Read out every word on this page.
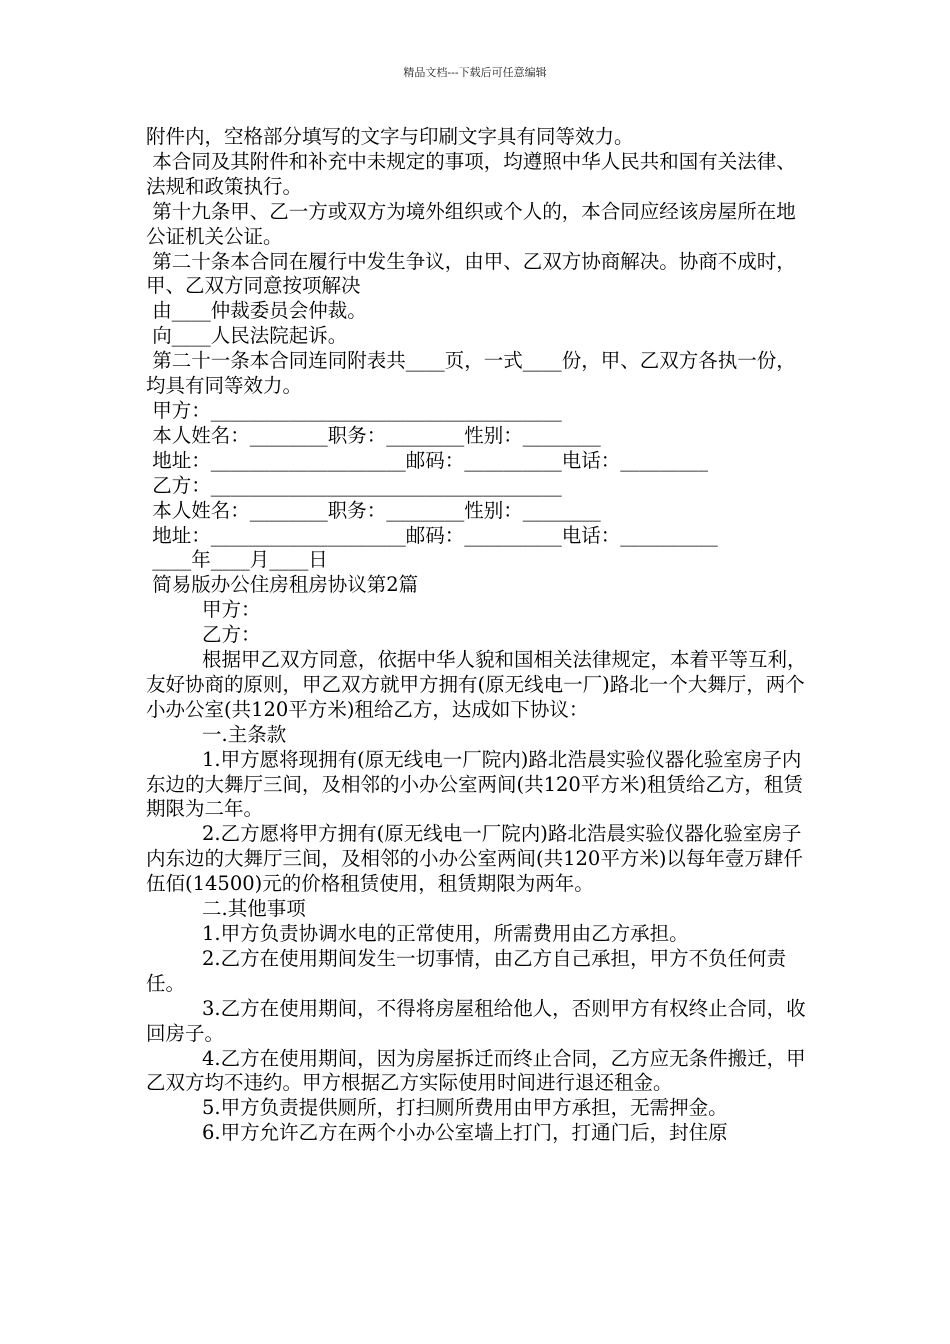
精品文档---下载后可任意编辑

附件内，空格部分填写的文字与印刷文字具有同等效力。

本合同及其附件和补充中未规定的事项，均遵照中华人民共和国有关法律、法规和政策执行。

第十九条甲、乙一方或双方为境外组织或个人的，本合同应经该房屋所在地公证机关公证。

第二十条本合同在履行中发生争议，由甲、乙双方协商解决。协商不成时，甲、乙双方同意按项解决

由____仲裁委员会仲裁。

向____人民法院起诉。

第二十一条本合同连同附表共____页，一式____份，甲、乙双方各执一份，均具有同等效力。

甲方：____________________________________

本人姓名：________职务：________性别：________

地址：____________________邮码：__________电话：_________

乙方：____________________________________

本人姓名：________职务：________性别：________

地址：____________________邮码：__________电话：__________

____年____月____日

简易版办公住房租房协议第2篇

甲方：

乙方：

根据甲乙双方同意，依据中华人貌和国相关法律规定，本着平等互利，友好协商的原则，甲乙双方就甲方拥有(原无线电一厂)路北一个大舞厅，两个小办公室(共120平方米)租给乙方，达成如下协议：

一.主条款

1.甲方愿将现拥有(原无线电一厂院内)路北浩晨实验仪器化验室房子内东边的大舞厅三间，及相邻的小办公室两间(共120平方米)租赁给乙方，租赁期限为二年。

2.乙方愿将甲方拥有(原无线电一厂院内)路北浩晨实验仪器化验室房子内东边的大舞厅三间，及相邻的小办公室两间(共120平方米)以每年壹万肆仟伍佰(14500)元的价格租赁使用，租赁期限为两年。

二.其他事项

1.甲方负责协调水电的正常使用，所需费用由乙方承担。

2.乙方在使用期间发生一切事情，由乙方自己承担，甲方不负任何责任。

3.乙方在使用期间，不得将房屋租给他人，否则甲方有权终止合同，收回房子。

4.乙方在使用期间，因为房屋拆迁而终止合同，乙方应无条件搬迁，甲乙双方均不违约。甲方根据乙方实际使用时间进行退还租金。

5.甲方负责提供厕所，打扫厕所费用由甲方承担，无需押金。

6.甲方允许乙方在两个小办公室墙上打门，打通门后，封住原
